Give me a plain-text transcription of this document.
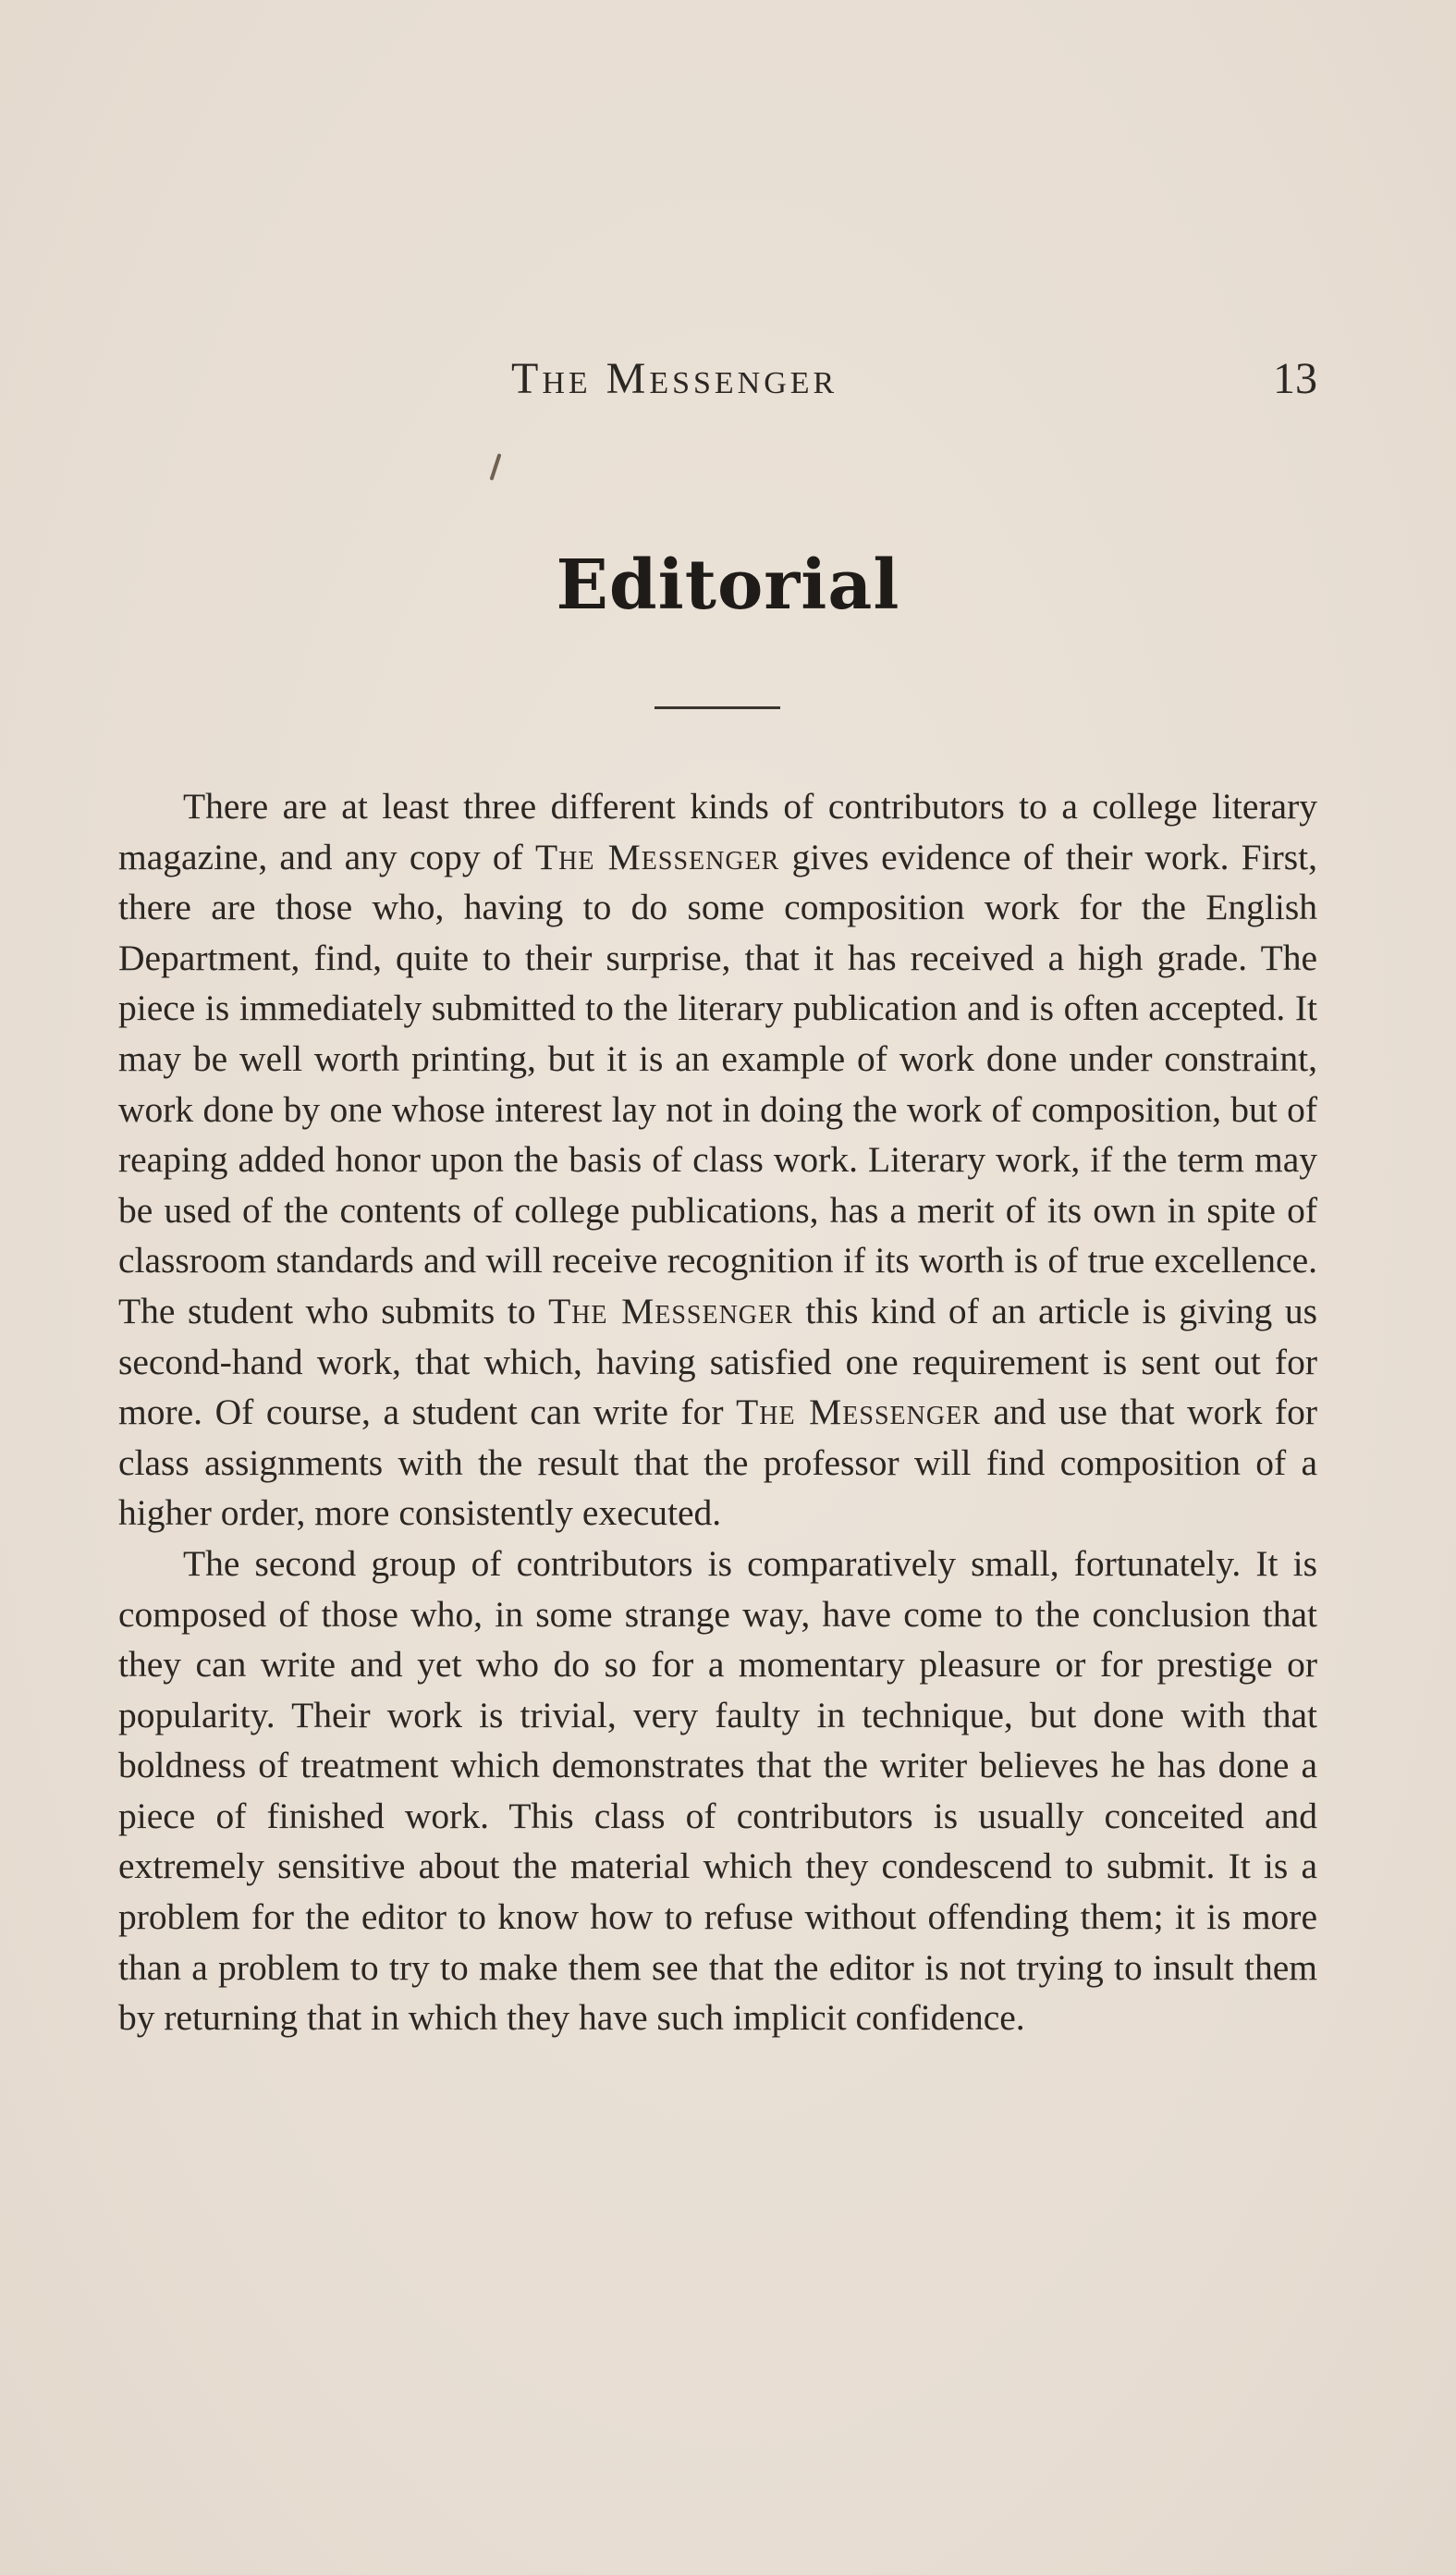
The Messenger	13
Editorial

There are at least three different kinds of contributors to a college literary magazine, and any copy of The Messenger gives evidence of their work. First, there are those who, having to do some composition work for the English Department, find, quite to their surprise, that it has received a high grade. The piece is immediately submitted to the literary publication and is often accepted. It may be well worth printing, but it is an example of work done under constraint, work done by one whose interest lay not in doing the work of composition, but of reaping added honor upon the basis of class work. Literary work, if the term may be used of the contents of college publications, has a merit of its own in spite of classroom standards and will receive recognition if its worth is of true excellence. The student who submits to The Messenger this kind of an article is giving us second-hand work, that which, having satisfied one requirement is sent out for more. Of course, a student can write for The Messenger and use that work for class assignments with the result that the professor will find composition of a higher order, more consistently executed.

The second group of contributors is comparatively small, fortunately. It is composed of those who, in some strange way, have come to the conclusion that they can write and yet who do so for a momentary pleasure or for prestige or popularity. Their work is trivial, very faulty in technique, but done with that boldness of treatment which demonstrates that the writer believes he has done a piece of finished work. This class of contributors is usually conceited and extremely sensitive about the material which they condescend to submit. It is a problem for the editor to know how to refuse without offending them; it is more than a problem to try to make them see that the editor is not trying to insult them by returning that in which they have such implicit confidence.
